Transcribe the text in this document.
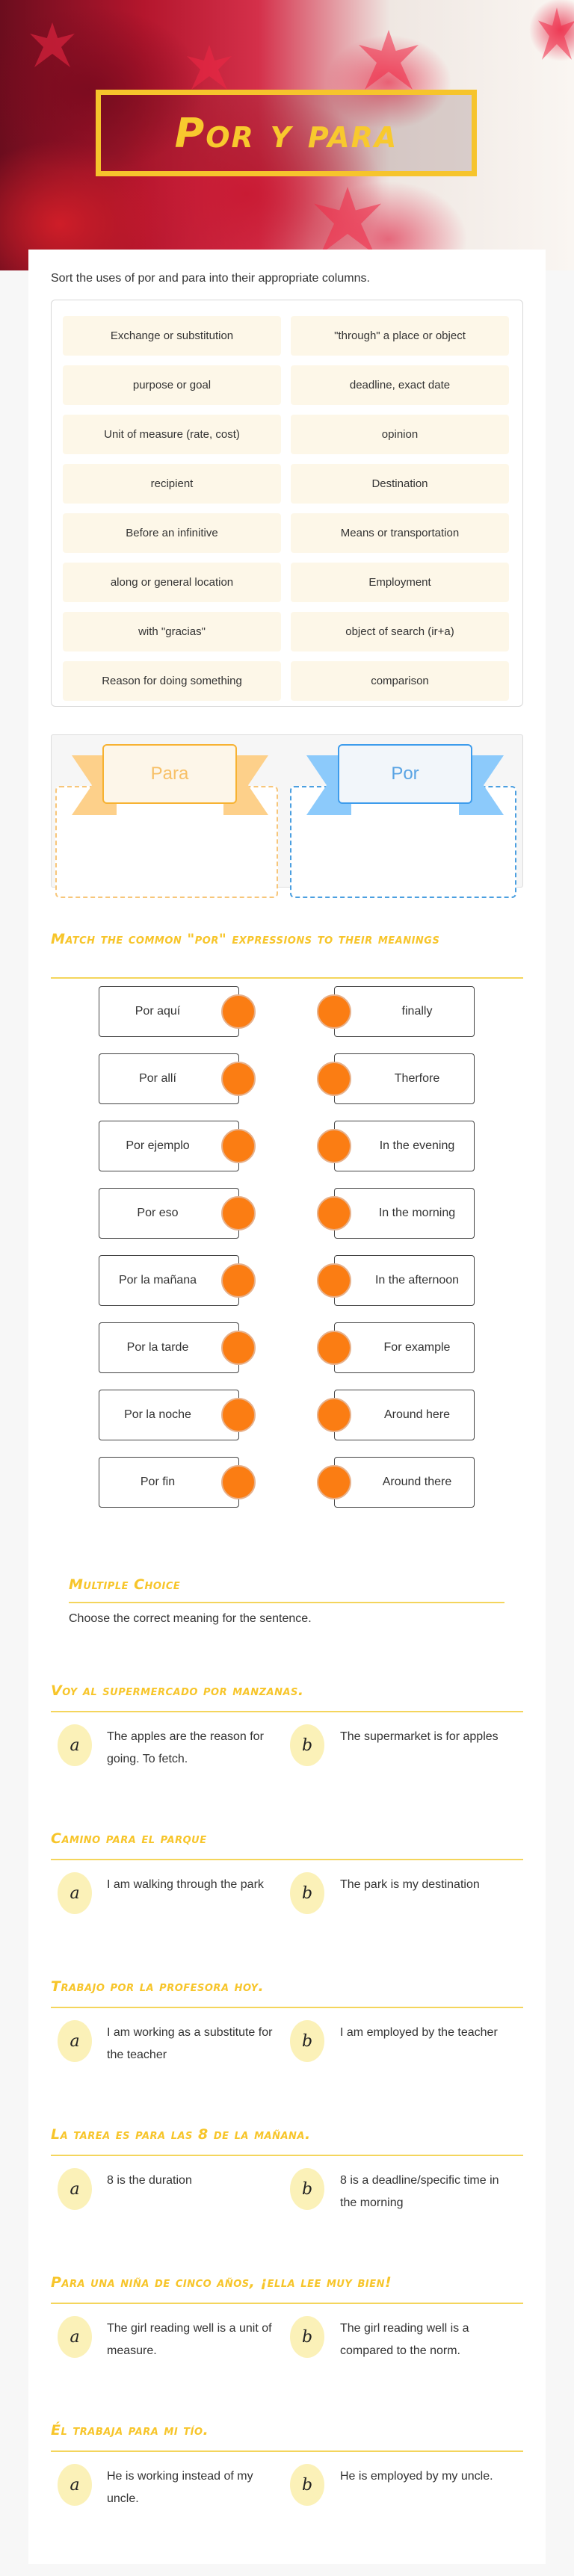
Por y para
Sort the uses of por and para into their appropriate columns.
Exchange or substitution	"through" a place or object
purpose or goal	deadline, exact date
Unit of measure (rate, cost)	opinion
recipient	Destination
Before an infinitive	Means or transportation
along or general location	Employment
with "gracias"	object of search (ir+a)
Reason for doing something	comparison
Para	Por
Match the common "por" expressions to their meanings
Por aquí	finally
Por allí	Therfore
Por ejemplo	In the evening
Por eso	In the morning
Por la mañana	In the afternoon
Por la tarde	For example
Por la noche	Around here
Por fin	Around there
Multiple Choice
Choose the correct meaning for the sentence.
Voy al supermercado por manzanas.
a The apples are the reason for going. To fetch.
b The supermarket is for apples
Camino para el parque
a I am walking through the park	b The park is my destination
Trabajo por la profesora hoy.
a I am working as a substitute for the teacher
b I am employed by the teacher
La tarea es para las 8 de la mañana.
a 8 is the duration	b 8 is a deadline/specific time in the morning
Para una niña de cinco años, ¡ella lee muy bien!
a The girl reading well is a unit of measure.
b The girl reading well is a compared to the norm.
Él trabaja para mi tío.
a He is working instead of my uncle.
b He is employed by my uncle.
